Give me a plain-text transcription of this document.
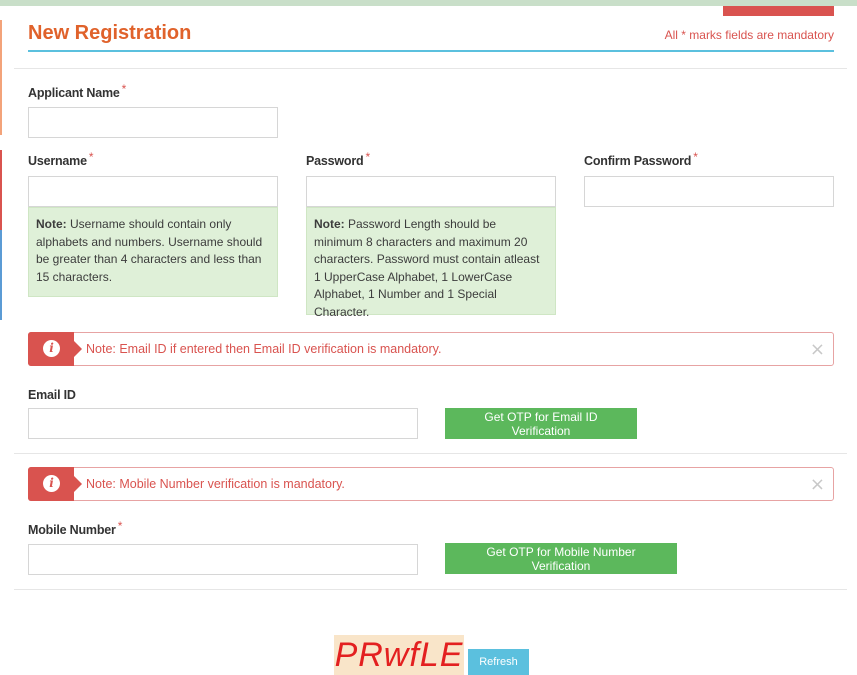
New Registration	All * marks fields are mandatory
Applicant Name *
Username *	Password *	Confirm Password *
Note: Username should contain only alphabets and numbers. Username should be greater than 4 characters and less than 15 characters.
Note: Password Length should be minimum 8 characters and maximum 20 characters. Password must contain atleast 1 UpperCase Alphabet, 1 LowerCase Alphabet, 1 Number and 1 Special Character.
i	Note: Email ID if entered then Email ID verification is mandatory.	×
Email ID
Get OTP for Email ID Verification
i	Note: Mobile Number verification is mandatory.	×
Mobile Number *
Get OTP for Mobile Number Verification
PRwfLE	Refresh
